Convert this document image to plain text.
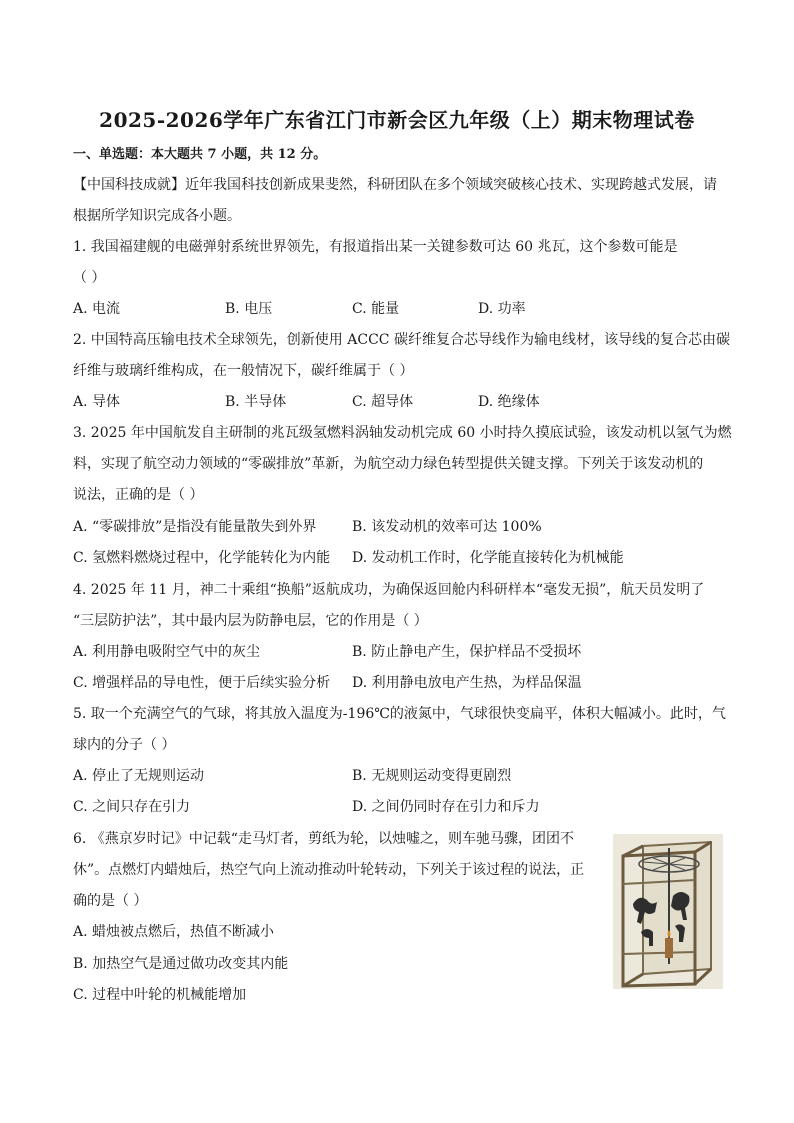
2025-2026学年广东省江门市新会区九年级（上）期末物理试卷
一、单选题：本大题共 7 小题，共 12 分。
【中国科技成就】近年我国科技创新成果斐然，科研团队在多个领域突破核心技术、实现跨越式发展，请
根据所学知识完成各小题。
1. 我国福建舰的电磁弹射系统世界领先，有报道指出某一关键参数可达 60 兆瓦，这个参数可能是
（ ）
A. 电流	B. 电压	C. 能量	D. 功率
2. 中国特高压输电技术全球领先，创新使用 ACCC 碳纤维复合芯导线作为输电线材，该导线的复合芯由碳
纤维与玻璃纤维构成，在一般情况下，碳纤维属于（ ）
A. 导体	B. 半导体	C. 超导体	D. 绝缘体
3. 2025 年中国航发自主研制的兆瓦级氢燃料涡轴发动机完成 60 小时持久摸底试验，该发动机以氢气为燃
料，实现了航空动力领域的“零碳排放”革新，为航空动力绿色转型提供关键支撑。下列关于该发动机的
说法，正确的是（ ）
A. “零碳排放”是指没有能量散失到外界	B. 该发动机的效率可达 100%
C. 氢燃料燃烧过程中，化学能转化为内能 D. 发动机工作时，化学能直接转化为机械能
4. 2025 年 11 月，神二十乘组“换船”返航成功，为确保返回舱内科研样本“毫发无损”，航天员发明了
“三层防护法”，其中最内层为防静电层，它的作用是（ ）
A. 利用静电吸附空气中的灰尘	B. 防止静电产生，保护样品不受损坏
C. 增强样品的导电性，便于后续实验分析 D. 利用静电放电产生热，为样品保温
5. 取一个充满空气的气球，将其放入温度为-196℃的液氮中，气球很快变扁平，体积大幅减小。此时，气
球内的分子（ ）
A. 停止了无规则运动	B. 无规则运动变得更剧烈
C. 之间只存在引力	D. 之间仍同时存在引力和斥力
6. 《燕京岁时记》中记载“走马灯者，剪纸为轮，以烛嘘之，则车驰马骤，团团不
休”。点燃灯内蜡烛后，热空气向上流动推动叶轮转动，下列关于该过程的说法，正
确的是（ ）
A. 蜡烛被点燃后，热值不断减小
B. 加热空气是通过做功改变其内能
C. 过程中叶轮的机械能增加
